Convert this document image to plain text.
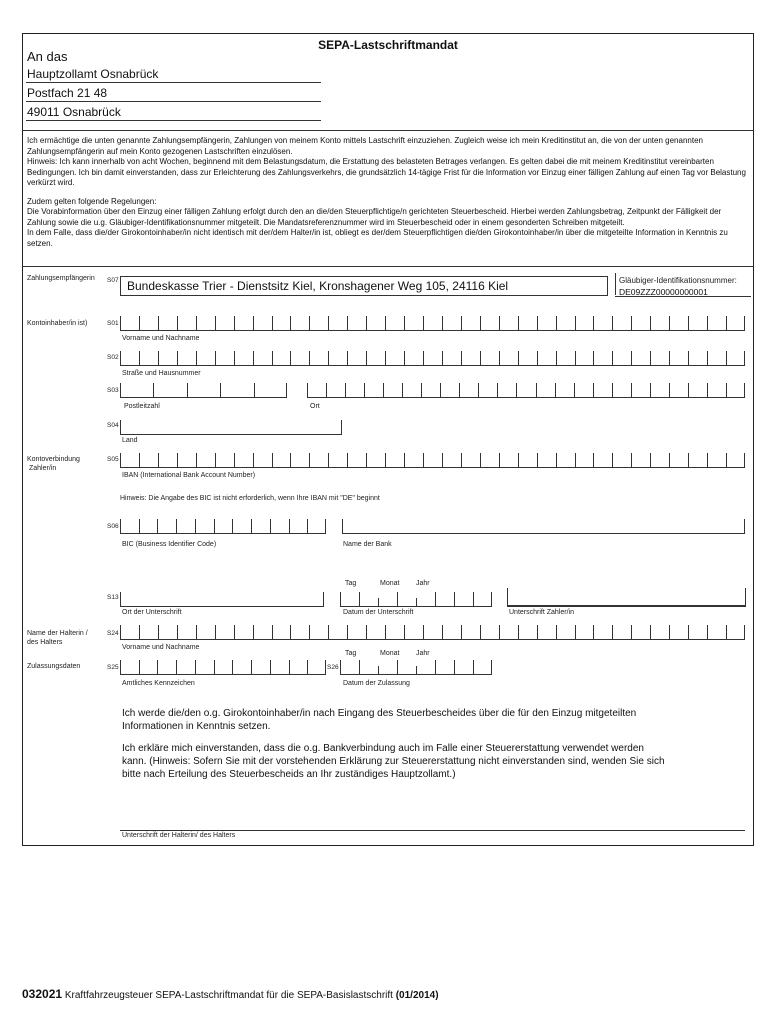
SEPA-Lastschriftmandat
An das
Hauptzollamt Osnabrück
Postfach 21 48
49011 Osnabrück
Ich ermächtige die unten genannte Zahlungsempfängerin, Zahlungen von meinem Konto mittels Lastschrift einzuziehen. Zugleich weise ich mein Kreditinstitut an, die von der unten genannten Zahlungsempfängerin auf mein Konto gezogenen Lastschriften einzulösen.
Hinweis: Ich kann innerhalb von acht Wochen, beginnend mit dem Belastungsdatum, die Erstattung des belasteten Betrages verlangen. Es gelten dabei die mit meinem Kreditinstitut vereinbarten Bedingungen. Ich bin damit einverstanden, dass zur Erleichterung des Zahlungsverkehrs, die grundsätzlich 14-tägige Frist für die Information vor Einzug einer fälligen Zahlung auf einen Tag vor Belastung verkürzt wird.
Zudem gelten folgende Regelungen:
Die Vorabinformation über den Einzug einer fälligen Zahlung erfolgt durch den an die/den Steuerpflichtige/n gerichteten Steuerbescheid. Hierbei werden Zahlungsbetrag, Zeitpunkt der Fälligkeit der Zahlung sowie die u.g. Gläubiger-Identifikationsnummer mitgeteilt. Die Mandatsreferenznummer wird im Steuerbescheid oder in einem gesonderten Schreiben mitgeteilt.
In dem Falle, dass die/der Girokontoinhaber/in nicht identisch mit der/dem Halter/in ist, obliegt es der/dem Steuerpflichtigen die/den Girokontoinhaber/in über die mitgeteilte Information in Kenntnis zu setzen.
Zahlungsempfängerin S07 Bundeskasse Trier - Dienstsitz Kiel, Kronshagener Weg 105, 24116 Kiel	Gläubiger-Identifikationsnummer:
DE09ZZZ00000000001
Kontoinhaber/in ist)	S01
Vorname und Nachname
S02
Straße und Hausnummer
S03
Postleitzahl	Ort
S04
Land
Kontoverbindung
Zahler/in
S05
IBAN (International Bank Account Number)
Hinweis: Die Angabe des BIC ist nicht erforderlich, wenn Ihre IBAN mit "DE" beginnt
S06
BIC (Business Identifier Code)	Name der Bank
Tag	Monat Jahr
S13
Ort der Unterschrift	Datum der Unterschrift	Unterschrift Zahler/in
Name der Halterin /
des Halters
S24
Vorname und Nachname
Tag	Monat Jahr
Zulassungsdaten	S25	S26
Amtliches Kennzeichen	Datum der Zulassung

Ich werde die/den o.g. Girokontoinhaber/in nach Eingang des Steuerbescheides über die für den Einzug mitgeteilten Informationen in Kenntnis setzen.

Ich erkläre mich einverstanden, dass die o.g. Bankverbindung auch im Falle einer Steuererstattung verwendet werden kann. (Hinweis: Sofern Sie mit der vorstehenden Erklärung zur Steuererstattung nicht einverstanden sind, wenden Sie sich bitte nach Erteilung des Steuerbescheids an Ihr zuständiges Hauptzollamt.)

Unterschrift der Halterin/ des Halters
032021 Kraftfahrzeugsteuer SEPA-Lastschriftmandat für die SEPA-Basislastschrift (01/2014)
